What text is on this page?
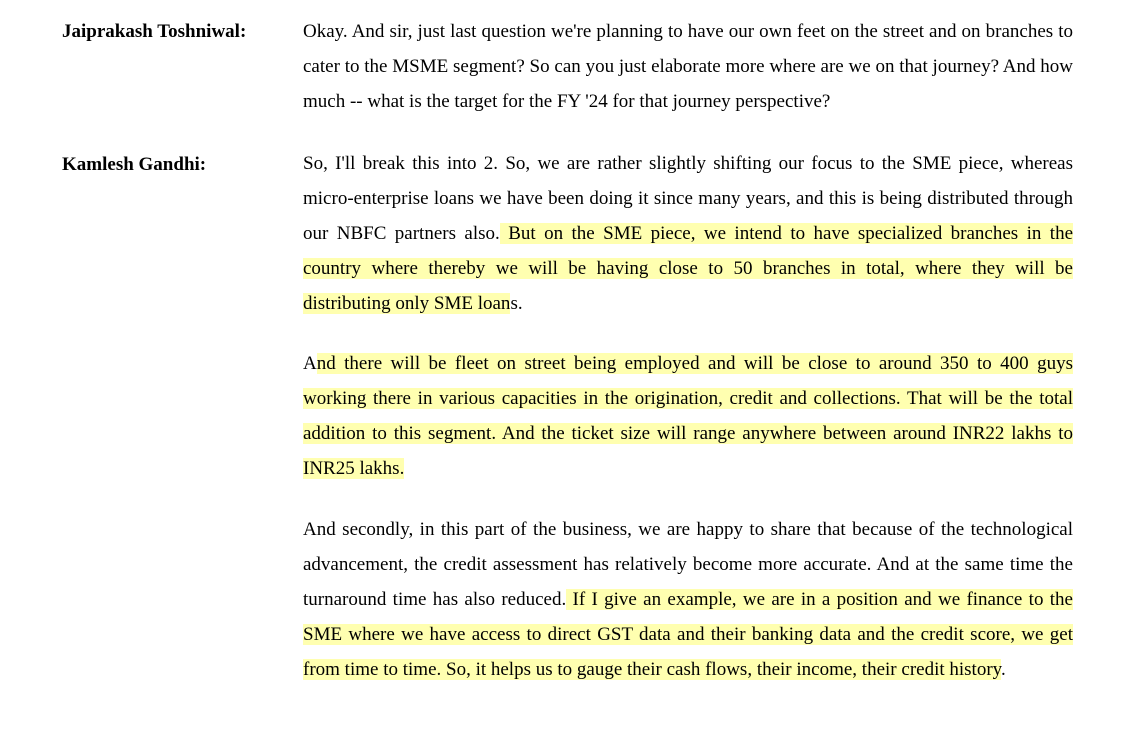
Jaiprakash Toshniwal:	Okay. And sir, just last question we're planning to have our own feet on the street and on branches to cater to the MSME segment? So can you just elaborate more where are we on that journey? And how much -- what is the target for the FY '24 for that journey perspective?

Kamlesh Gandhi:	So, I'll break this into 2. So, we are rather slightly shifting our focus to the SME piece, whereas micro-enterprise loans we have been doing it since many years, and this is being distributed through our NBFC partners also. But on the SME piece, we intend to have specialized branches in the country where thereby we will be having close to 50 branches in total, where they will be distributing only SME loans.

And there will be fleet on street being employed and will be close to around 350 to 400 guys working there in various capacities in the origination, credit and collections. That will be the total addition to this segment. And the ticket size will range anywhere between around INR22 lakhs to INR25 lakhs.

And secondly, in this part of the business, we are happy to share that because of the technological advancement, the credit assessment has relatively become more accurate. And at the same time the turnaround time has also reduced. If I give an example, we are in a position and we finance to the SME where we have access to direct GST data and their banking data and the credit score, we get from time to time. So, it helps us to gauge their cash flows, their income, their credit history.
